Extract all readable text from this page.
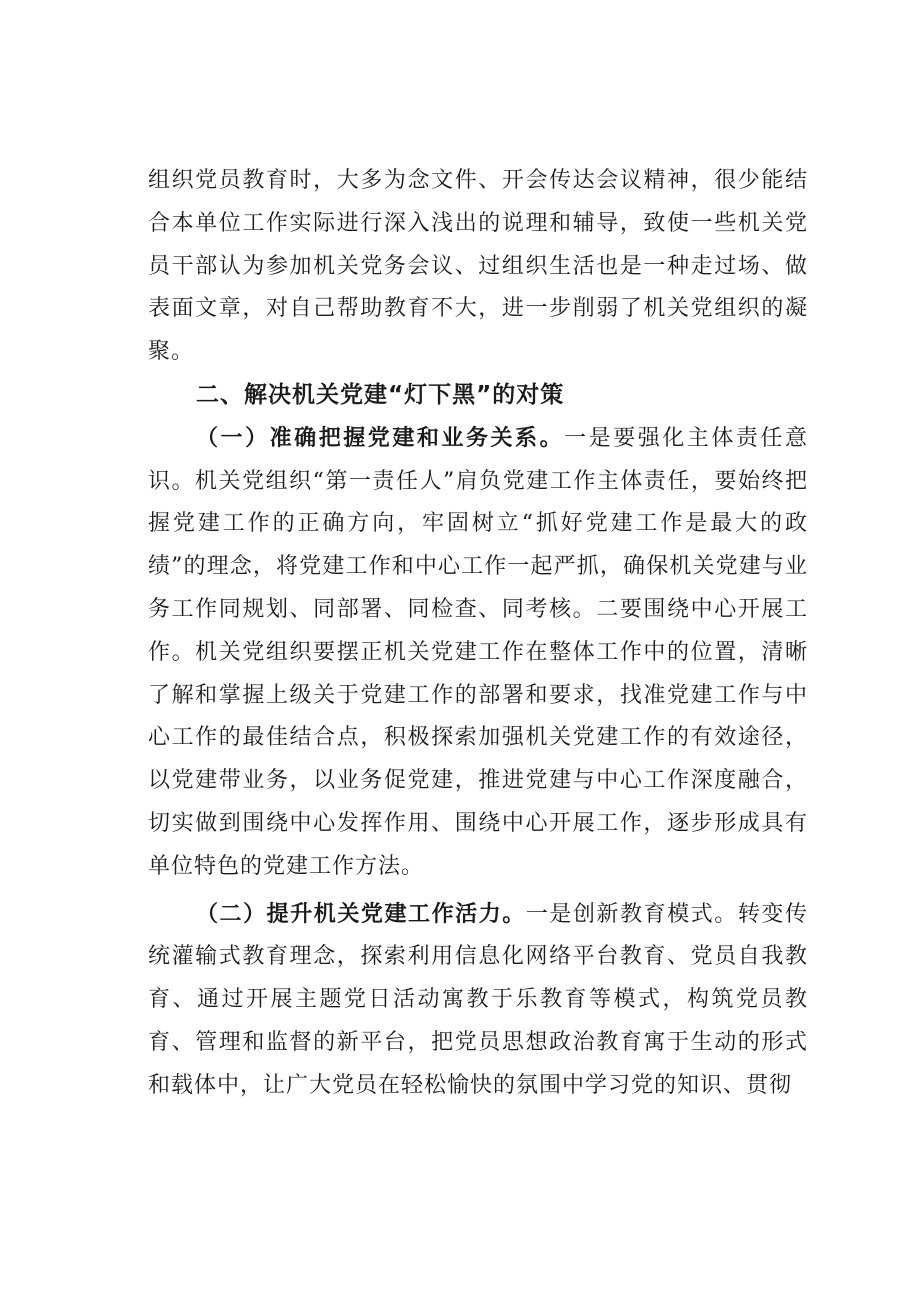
组织党员教育时，大多为念文件、开会传达会议精神，很少能结合本单位工作实际进行深入浅出的说理和辅导，致使一些机关党员干部认为参加机关党务会议、过组织生活也是一种走过场、做表面文章，对自己帮助教育不大，进一步削弱了机关党组织的凝聚。

二、解决机关党建“灯下黑”的对策

（一）准确把握党建和业务关系。一是要强化主体责任意识。机关党组织“第一责任人”肩负党建工作主体责任，要始终把握党建工作的正确方向，牢固树立“抓好党建工作是最大的政绩”的理念，将党建工作和中心工作一起严抓，确保机关党建与业务工作同规划、同部署、同检查、同考核。二要围绕中心开展工作。机关党组织要摆正机关党建工作在整体工作中的位置，清晰了解和掌握上级关于党建工作的部署和要求，找准党建工作与中心工作的最佳结合点，积极探索加强机关党建工作的有效途径，以党建带业务，以业务促党建，推进党建与中心工作深度融合，切实做到围绕中心发挥作用、围绕中心开展工作，逐步形成具有单位特色的党建工作方法。

（二）提升机关党建工作活力。一是创新教育模式。转变传统灌输式教育理念，探索利用信息化网络平台教育、党员自我教育、通过开展主题党日活动寓教于乐教育等模式，构筑党员教育、管理和监督的新平台，把党员思想政治教育寓于生动的形式和载体中，让广大党员在轻松愉快的氛围中学习党的知识、贯彻
